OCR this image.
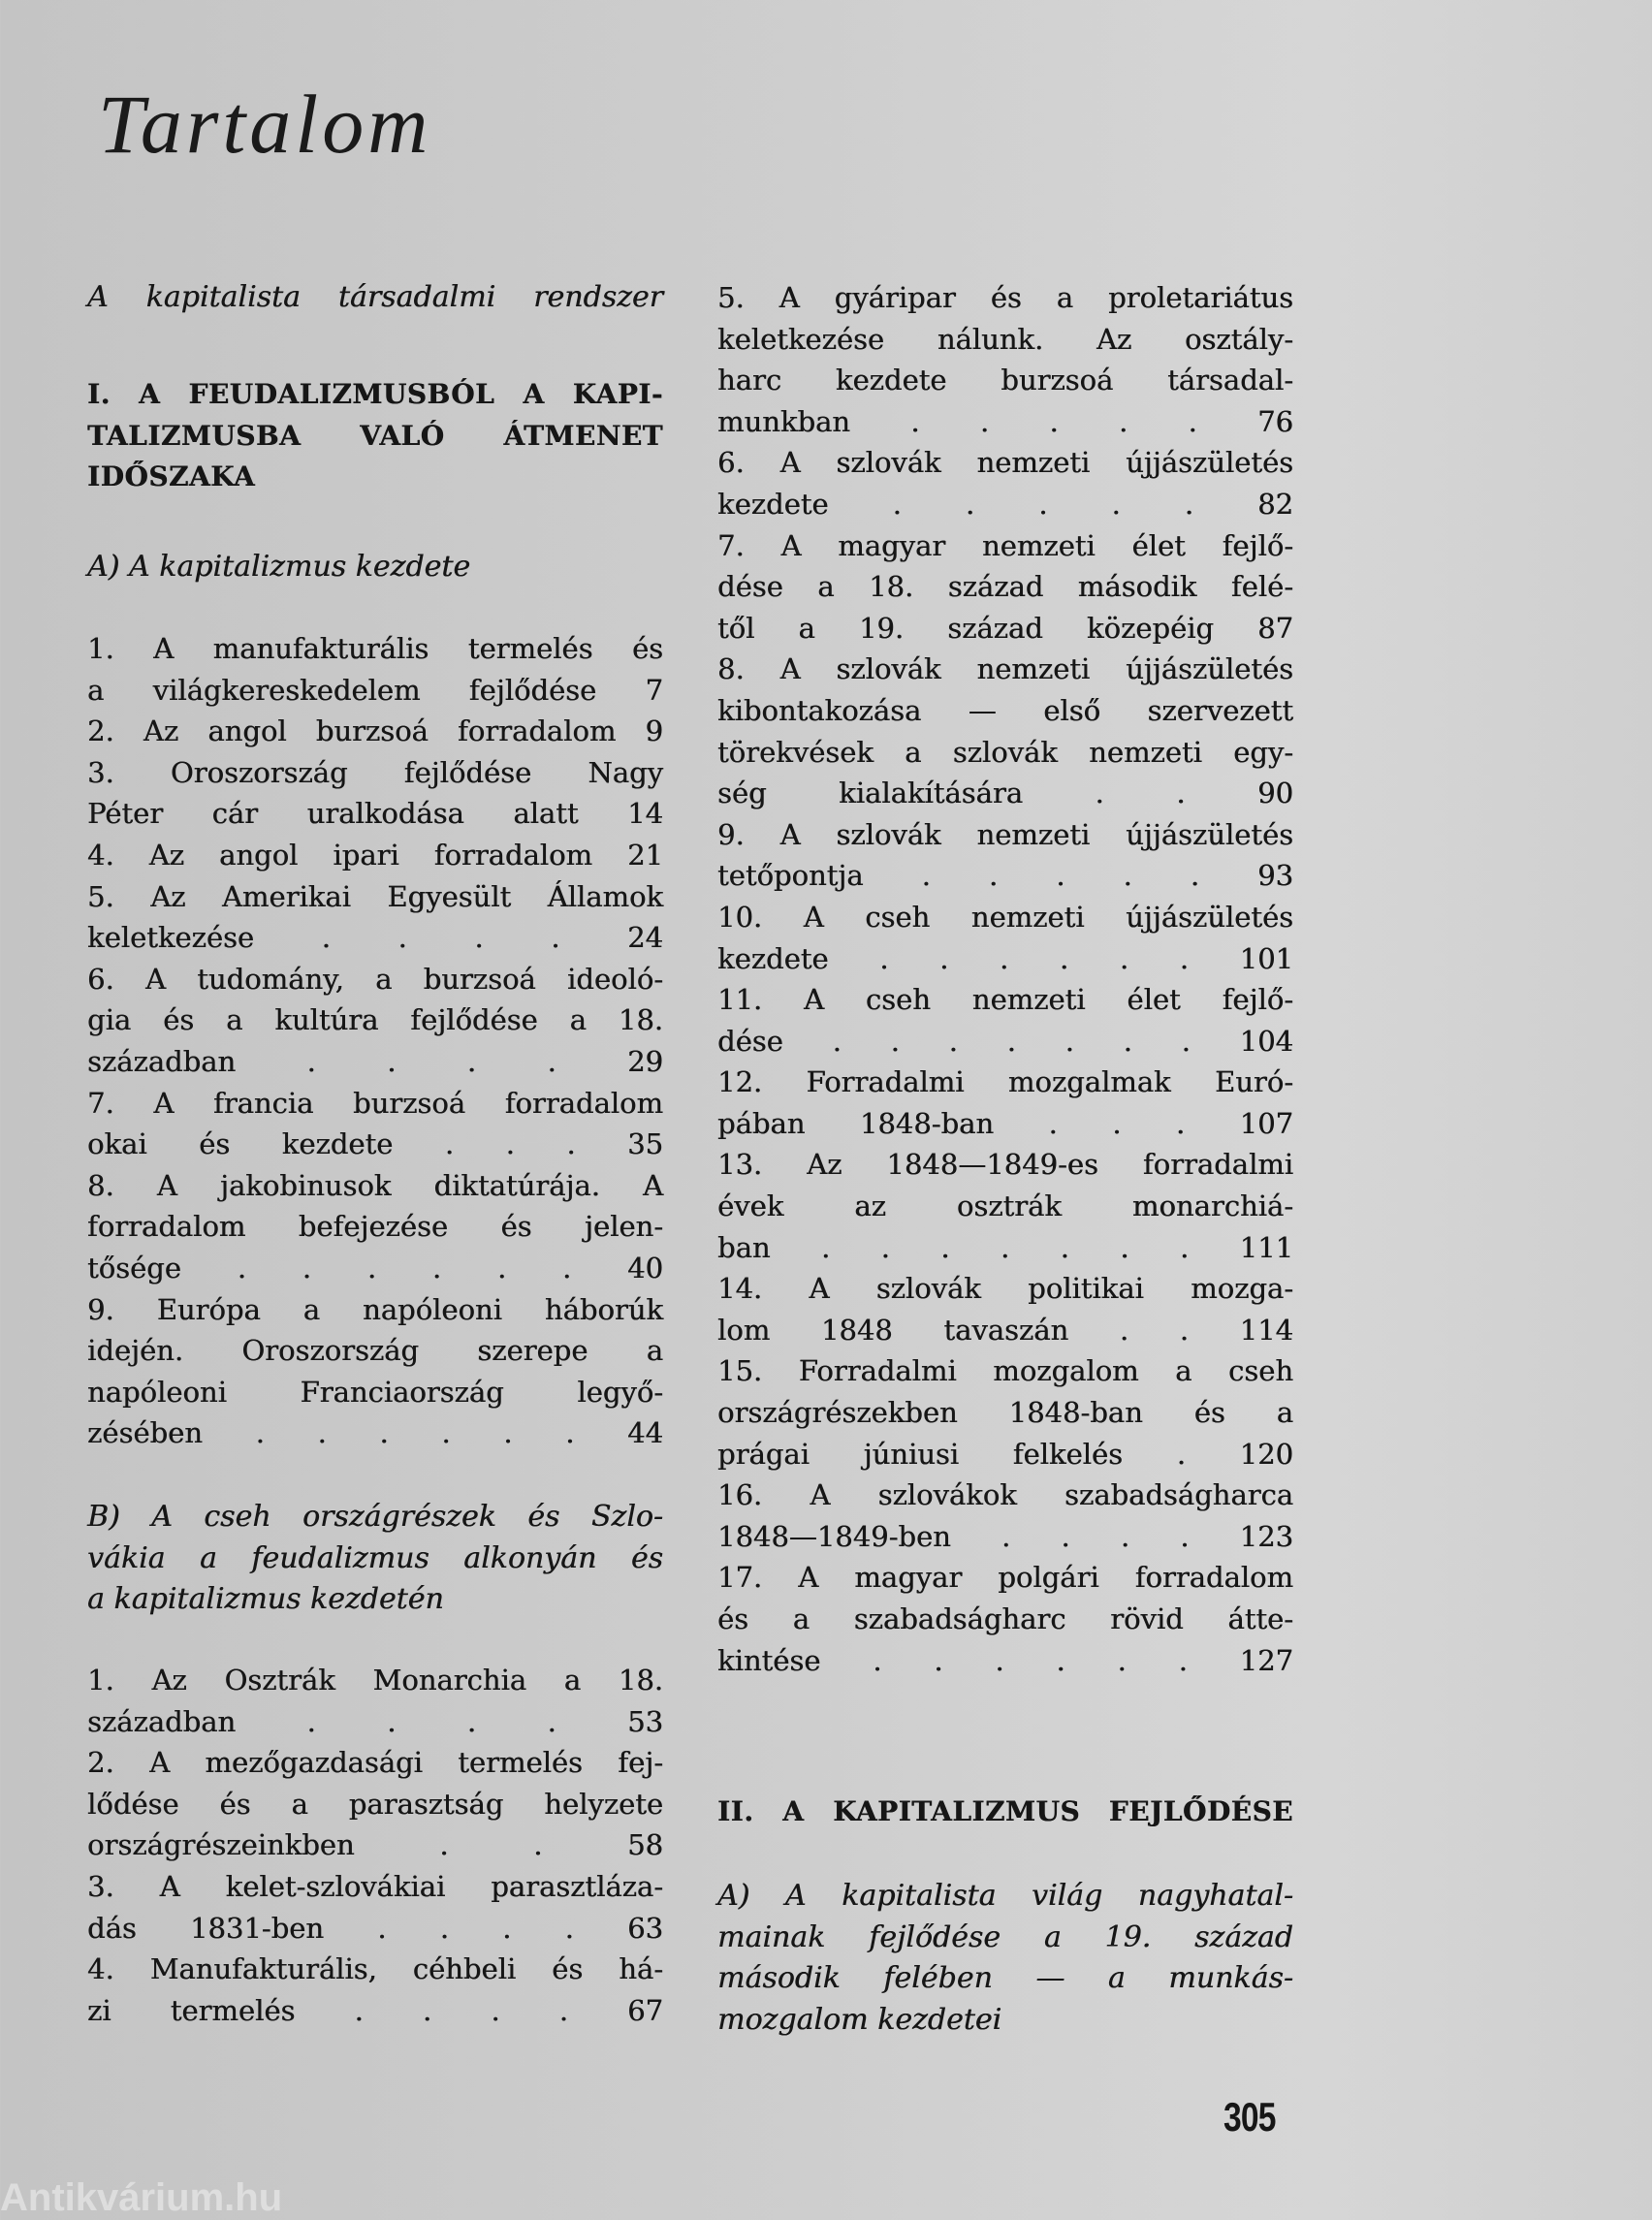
Tartalom
A kapitalista társadalmi rendszer
I. A FEUDALIZMUSBÓL A KAPI-
TALIZMUSBA VALÓ ÁTMENET
IDŐSZAKA
A) A kapitalizmus kezdete
1. A manufakturális termelés és
a világkereskedelem fejlődése 7
2. Az angol burzsoá forradalom 9
3. Oroszország fejlődése Nagy
Péter cár uralkodása alatt 14
4. Az angol ipari forradalom 21
5. Az Amerikai Egyesült Államok
keletkezése . . . . 24
6. A tudomány, a burzsoá ideoló-
gia és a kultúra fejlődése a 18.
században . . . .	29
7. A francia burzsoá forradalom
okai és kezdete . . . 35
8. A jakobinusok diktatúrája. A
forradalom befejezése és jelen-
tősége . . . . . . 40
9. Európa a napóleoni háborúk
idején. Oroszország szerepe a
napóleoni Franciaország legyő-
zésében . . . . . . 44
B) A cseh országrészek és Szlo-
vákia a feudalizmus alkonyán és
a kapitalizmus kezdetén
1. Az Osztrák Monarchia a 18.
században . . . .	53
2. A mezőgazdasági termelés fej-
lődése és a parasztság helyzete
országrészeinkben . .	58
3. A kelet-szlovákiai parasztláza-
dás 1831-ben . . . . 63
4. Manufakturális, céhbeli és há-
zi termelés . . . . 67
5. A gyáripar és a proletariátus
keletkezése nálunk. Az osztály-
harc kezdete burzsoá társadal-
munkban . . . . . 76
6. A szlovák nemzeti újjászületés
kezdete . . . . . 82
7. A magyar nemzeti élet fejlő-
dése a 18. század második felé-
től a 19. század közepéig 87
8. A szlovák nemzeti újjászületés
kibontakozása — első szervezett
törekvések a szlovák nemzeti egy-
ség kialakítására . .	90
9. A szlovák nemzeti újjászületés
tetőpontja . . . . . 93
10. A cseh nemzeti újjászületés
kezdete . . . . . . 101
11. A cseh nemzeti élet fejlő-
dése . . . . . . . 104
12. Forradalmi mozgalmak Euró-
pában 1848-ban . . . 107
13. Az 1848—1849-es forradalmi
évek az osztrák monarchiá-
ban . . . . . . . 111
14. A szlovák politikai mozga-
lom 1848 tavaszán . . 114
15. Forradalmi mozgalom a cseh
országrészekben 1848-ban és a
prágai júniusi felkelés . 120
16. A szlovákok szabadságharca
1848—1849-ben . . . . 123
17. A magyar polgári forradalom
és a szabadságharc rövid átte-
kintése . . . . . . 127
II. A KAPITALIZMUS FEJLŐDÉSE
A) A kapitalista világ nagyhatal-
mainak fejlődése a 19. század
második felében — a munkás-
mozgalom kezdetei
305
Antikvárium.hu
